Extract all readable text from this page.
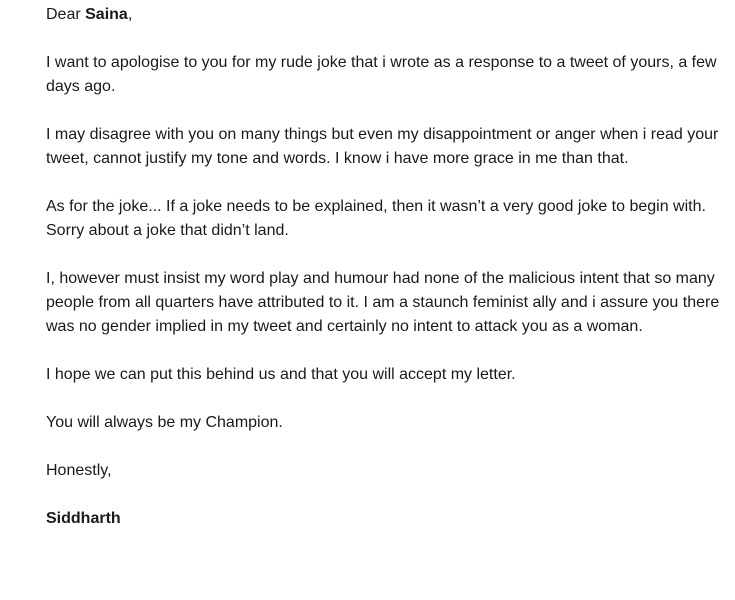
Dear Saina,

I want to apologise to you for my rude joke that i wrote as a response to a tweet of yours, a few days ago.

I may disagree with you on many things but even my disappointment or anger when i read your tweet, cannot justify my tone and words. I know i have more grace in me than that.

As for the joke... If a joke needs to be explained, then it wasn’t a very good joke to begin with. Sorry about a joke that didn’t land.

I, however must insist my word play and humour had none of the malicious intent that so many people from all quarters have attributed to it. I am a staunch feminist ally and i assure you there was no gender implied in my tweet and certainly no intent to attack you as a woman.

I hope we can put this behind us and that you will accept my letter.

You will always be my Champion.

Honestly,

Siddharth
